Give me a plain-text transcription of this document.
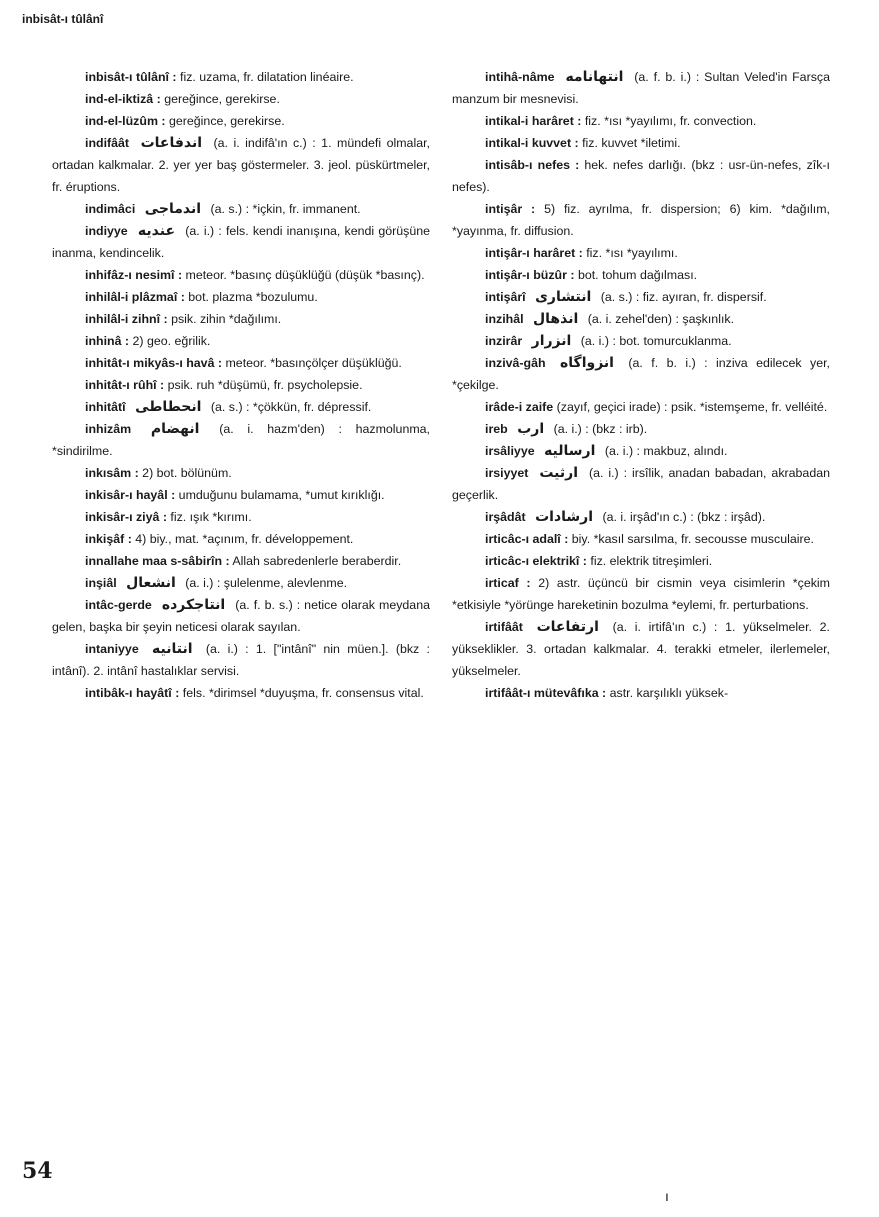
inbisât-ı tûlânî
inbisât-ı tûlânî : fiz. uzama, fr. dilatation linéaire.
ind-el-iktizâ : gereğince, gerekirse.
ind-el-lüzûm : gereğince, gerekirse.
indifâât اندفاعات (a. i. indifâ'ın c.) : 1. mündefi olmalar, ortadan kalkmalar. 2. yer yer baş göstermeler. 3. jeol. püskürtmeler, fr. éruptions.
indimâci اندماجى (a. s.) : *içkin, fr. immanent.
indiyye عنديه (a. i.) : fels. kendi inanışına, kendi görüşüne inanma, kendincelik.
inhifâz-ı nesimî : meteor. *basınç düşüklüğü (düşük *basınç).
inhilâl-i plâzmaî : bot. plazma *bozulumu.
inhilâl-i zihnî : psik. zihin *dağılımı.
inhinâ : 2) geo. eğrilik.
inhitât-ı mikyâs-ı havâ : meteor. *basınçölçer düşüklüğü.
inhitât-ı rûhî : psik. ruh *düşümü, fr. psycholepsie.
inhitâtî انحطاطى (a. s.) : *çökkün, fr. dépressif.
inhizâm انهضام (a. i. hazm'den) : hazmolunma, *sindirilme.
inkısâm : 2) bot. bölünüm.
inkisâr-ı hayâl : umduğunu bulamama, *umut kırıklığı.
inkisâr-ı ziyâ : fiz. ışık *kırımı.
inkişâf : 4) biy., mat. *açınım, fr. développement.
innallahe maa s-sâbirîn : Allah sabredenlerle beraberdir.
inşiâl انشعال (a. i.) : şulelenme, alevlenme.
intâc-gerde انتاجكرده (a. f. b. s.) : netice olarak meydana gelen, başka bir şeyin neticesi olarak sayılan.
intaniyye انتانيه (a. i.) : 1. ["intânî" nin müen.]. (bkz : intânî). 2. intânî hastalıklar servisi.
intibâk-ı hayâtî : fels. *dirimsel *duyuşma, fr. consensus vital.
intihâ-nâme انتهانامه (a. f. b. i.) : Sultan Veled'in Farsça manzum bir mesnevisi.
intikal-i harâret : fiz. *ısı *yayılımı, fr. convection.
intikal-i kuvvet : fiz. kuvvet *iletimi.
intisâb-ı nefes : hek. nefes darlığı. (bkz : usr-ün-nefes, zîk-ı nefes).
intişâr : 5) fiz. ayrılma, fr. dispersion; 6) kim. *dağılım, *yayınma, fr. diffusion.
intişâr-ı harâret : fiz. *ısı *yayılımı.
intişâr-ı büzûr : bot. tohum dağılması.
intişârî انتشارى (a. s.) : fiz. ayıran, fr. dispersif.
inzihâl انذهال (a. i. zehel'den) : şaşkınlık.
inzirâr انزرار (a. i.) : bot. tomurcuklanma.
inzivâ-gâh انزواگاه (a. f. b. i.) : inziva edilecek yer, *çekilge.
irâde-i zaife (zayıf, geçici irade) : psik. *istemşeme, fr. velléité.
ireb ارب (a. i.) : (bkz : irb).
irsâliyye ارساليه (a. i.) : makbuz, alındı.
irsiyyet ارثيت (a. i.) : irsîlik, anadan babadan, akrabadan geçerlik.
irşâdât ارشادات (a. i. irşâd'ın c.) : (bkz : irşâd).
irticâc-ı adalî : biy. *kasıl sarsılma, fr. secousse musculaire.
irticâc-ı elektrikî : fiz. elektrik titreşimleri.
irticaf : 2) astr. üçüncü bir cismin veya cisimlerin *çekim *etkisiyle *yörünge hareketinin bozulma *eylemi, fr. perturbations.
irtifâât ارتفاعات (a. i. irtifâ'ın c.) : 1. yükselmeler. 2. yükseklikler. 3. ortadan kalkmalar. 4. terakki etmeler, ilerlemeler, yükselmeler.
irtifâât-ı mütevâfıka : astr. karşılıklı yüksek-
54
ı
